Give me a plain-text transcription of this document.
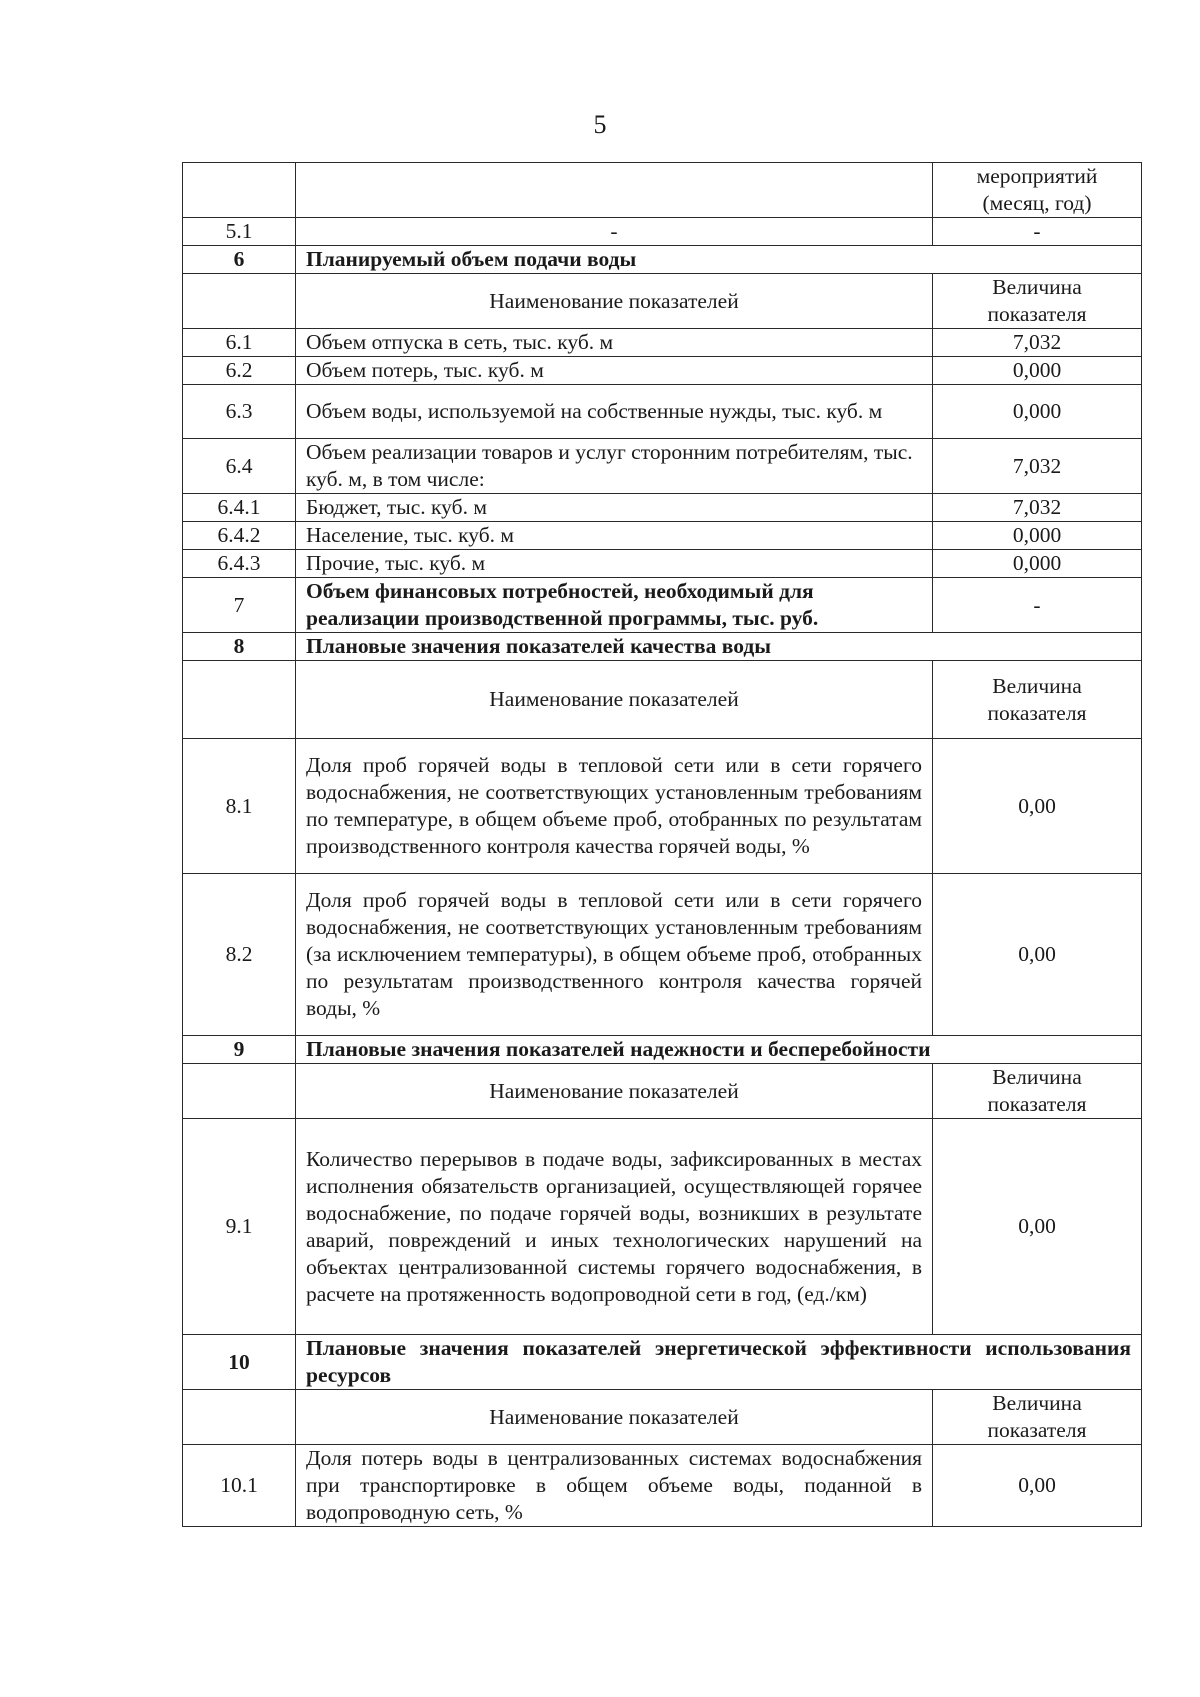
5
		мероприятий (месяц, год)
5.1	-	-
6	Планируемый объем подачи воды	
	Наименование показателей	Величина показателя
6.1	Объем отпуска в сеть, тыс. куб. м	7,032
6.2	Объем потерь, тыс. куб. м	0,000
6.3	Объем воды, используемой на собственные нужды, тыс. куб. м	0,000
6.4	Объем реализации товаров и услуг сторонним потребителям, тыс. куб. м, в том числе:	7,032
6.4.1	Бюджет, тыс. куб. м	7,032
6.4.2	Население, тыс. куб. м	0,000
6.4.3	Прочие, тыс. куб. м	0,000
7	Объем финансовых потребностей, необходимый для реализации производственной программы, тыс. руб.	-
8	Плановые значения показателей качества воды	
	Наименование показателей	Величина показателя
8.1	Доля проб горячей воды в тепловой сети или в сети горячего водоснабжения, не соответствующих установленным требованиям по температуре, в общем объеме проб, отобранных по результатам производственного контроля качества горячей воды, %	0,00
8.2	Доля проб горячей воды в тепловой сети или в сети горячего водоснабжения, не соответствующих установленным требованиям (за исключением температуры), в общем объеме проб, отобранных по результатам производственного контроля качества горячей воды, %	0,00
9	Плановые значения показателей надежности и бесперебойности	
	Наименование показателей	Величина показателя
9.1	Количество перерывов в подаче воды, зафиксированных в местах исполнения обязательств организацией, осуществляющей горячее водоснабжение, по подаче горячей воды, возникших в результате аварий, повреждений и иных технологических нарушений на объектах централизованной системы горячего водоснабжения, в расчете на протяженность водопроводной сети в год, (ед./км)	0,00
10	Плановые значения показателей энергетической эффективности использования ресурсов	
	Наименование показателей	Величина показателя
10.1	Доля потерь воды в централизованных системах водоснабжения при транспортировке в общем объеме воды, поданной в водопроводную сеть, %	0,00
